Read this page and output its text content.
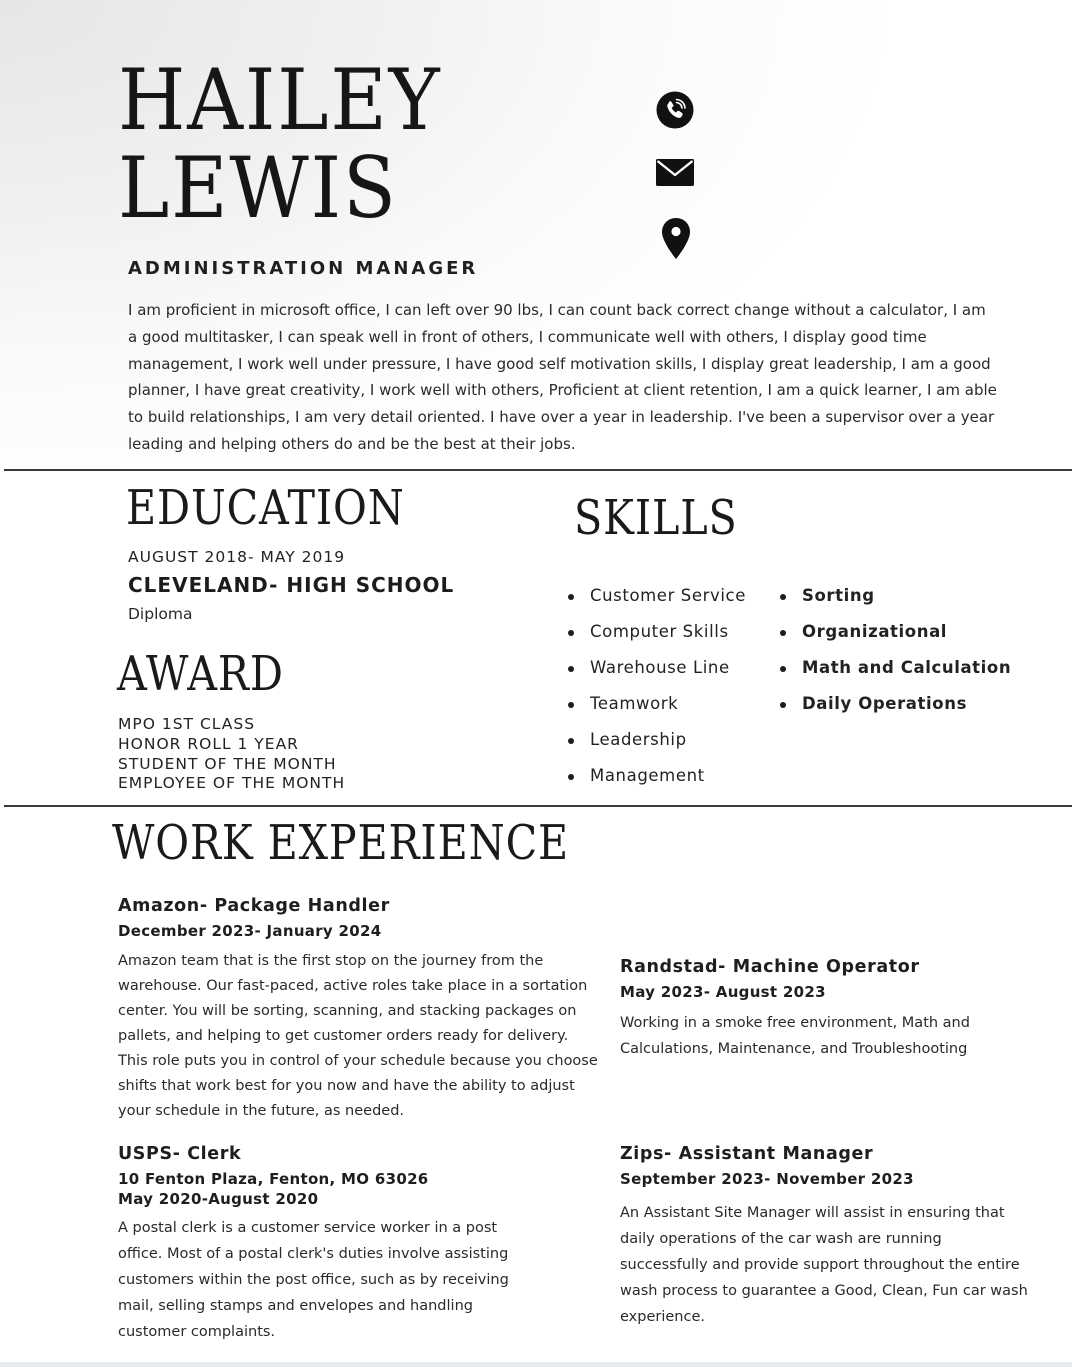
HAILEY
LEWIS
ADMINISTRATION MANAGER

I am proficient in microsoft office, I can left over 90 lbs, I can count back correct change without a calculator, I am a good multitasker, I can speak well in front of others, I communicate well with others, I display good time management, I work well under pressure, I have good self motivation skills, I display great leadership, I am a good planner, I have great creativity, I work well with others, Proficient at client retention, I am a quick learner, I am able to build relationships, I am very detail oriented. I have over a year in leadership. I've been a supervisor over a year leading and helping others do and be the best at their jobs.

EDUCATION
AUGUST 2018- MAY 2019
CLEVELAND- HIGH SCHOOL
Diploma
AWARD
MPO 1ST CLASS
HONOR ROLL 1 YEAR
STUDENT OF THE MONTH
EMPLOYEE OF THE MONTH
SKILLS
Customer Service
Computer Skills
Warehouse Line
Teamwork
Leadership
Management
Sorting
Organizational
Math and Calculation
Daily Operations
WORK EXPERIENCE
Amazon- Package Handler
December 2023- January 2024

Amazon team that is the first stop on the journey from the warehouse. Our fast-paced, active roles take place in a sortation center. You will be sorting, scanning, and stacking packages on pallets, and helping to get customer orders ready for delivery. This role puts you in control of your schedule because you choose shifts that work best for you now and have the ability to adjust your schedule in the future, as needed.

Randstad- Machine Operator
May 2023- August 2023

Working in a smoke free environment, Math and Calculations, Maintenance, and Troubleshooting

USPS- Clerk
10 Fenton Plaza, Fenton, MO 63026
May 2020-August 2020

A postal clerk is a customer service worker in a post office. Most of a postal clerk's duties involve assisting customers within the post office, such as by receiving mail, selling stamps and envelopes and handling customer complaints.

Zips- Assistant Manager
September 2023- November 2023

An Assistant Site Manager will assist in ensuring that daily operations of the car wash are running successfully and provide support throughout the entire wash process to guarantee a Good, Clean, Fun car wash experience.
